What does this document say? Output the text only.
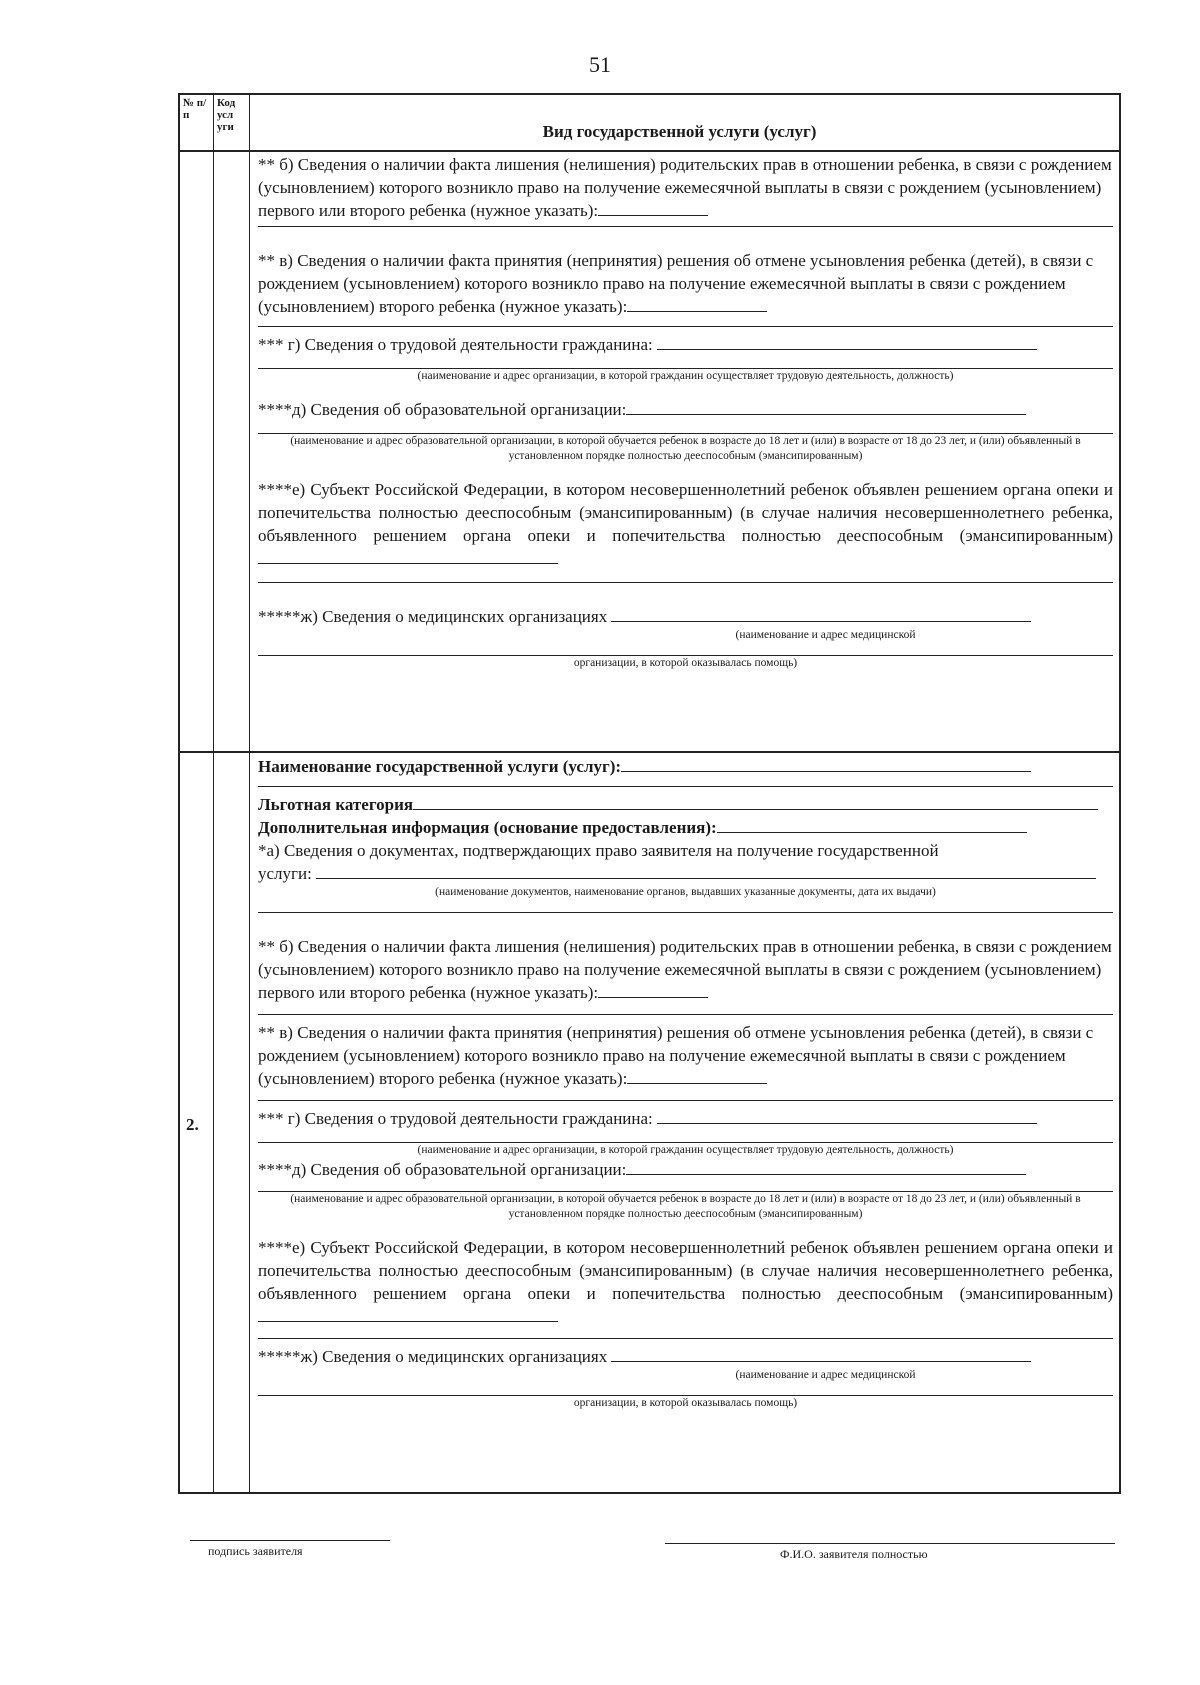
51
№ п/ п
Код усл уги	Вид государственной услуги (услуг)

** б) Сведения о наличии факта лишения (нелишения) родительских прав в отношении ребенка, в связи с рождением (усыновлением) которого возникло право на получение ежемесячной выплаты в связи с рождением (усыновлением) первого или второго ребенка (нужное указать):

** в) Сведения о наличии факта принятия (непринятия) решения об отмене усыновления ребенка (детей), в связи с рождением (усыновлением) которого возникло право на получение ежемесячной выплаты в связи с рождением (усыновлением) второго ребенка (нужное указать):

*** г) Сведения о трудовой деятельности гражданина:

(наименование и адрес организации, в которой гражданин осуществляет трудовую деятельность, должность)

****д) Сведения об образовательной организации:

(наименование и адрес образовательной организации, в которой обучается ребенок в возрасте до 18 лет и (или) в возрасте от 18 до 23 лет, и (или) объявленный в установленном порядке полностью дееспособным (эмансипированным)

****е) Субъект Российской Федерации, в котором несовершеннолетний ребенок объявлен решением органа опеки и попечительства полностью дееспособным (эмансипированным) (в случае наличия несовершеннолетнего ребенка, объявленного решением органа опеки и попечительства полностью дееспособным (эмансипированным)

*****ж) Сведения о медицинских организациях

(наименование и адрес медицинской

организации, в которой оказывалась помощь)

2.

Наименование государственной услуги (услуг):

Льготная категория

Дополнительная информация (основание предоставления):

*а) Сведения о документах, подтверждающих право заявителя на получение государственной
услуги:

(наименование документов, наименование органов, выдавших указанные документы, дата их выдачи)

** б) Сведения о наличии факта лишения (нелишения) родительских прав в отношении ребенка, в связи с рождением (усыновлением) которого возникло право на получение ежемесячной выплаты в связи с рождением (усыновлением) первого или второго ребенка (нужное указать):

** в) Сведения о наличии факта принятия (непринятия) решения об отмене усыновления ребенка (детей), в связи с рождением (усыновлением) которого возникло право на получение ежемесячной выплаты в связи с рождением (усыновлением) второго ребенка (нужное указать):

*** г) Сведения о трудовой деятельности гражданина:

(наименование и адрес организации, в которой гражданин осуществляет трудовую деятельность, должность)

****д) Сведения об образовательной организации:

(наименование и адрес образовательной организации, в которой обучается ребенок в возрасте до 18 лет и (или) в возрасте от 18 до 23 лет, и (или) объявленный в установленном порядке полностью дееспособным (эмансипированным)

****е) Субъект Российской Федерации, в котором несовершеннолетний ребенок объявлен решением органа опеки и попечительства полностью дееспособным (эмансипированным) (в случае наличия несовершеннолетнего ребенка, объявленного решением органа опеки и попечительства полностью дееспособным (эмансипированным)

*****ж) Сведения о медицинских организациях

(наименование и адрес медицинской

организации, в которой оказывалась помощь)

подпись заявителя	Ф.И.О. заявителя полностью
